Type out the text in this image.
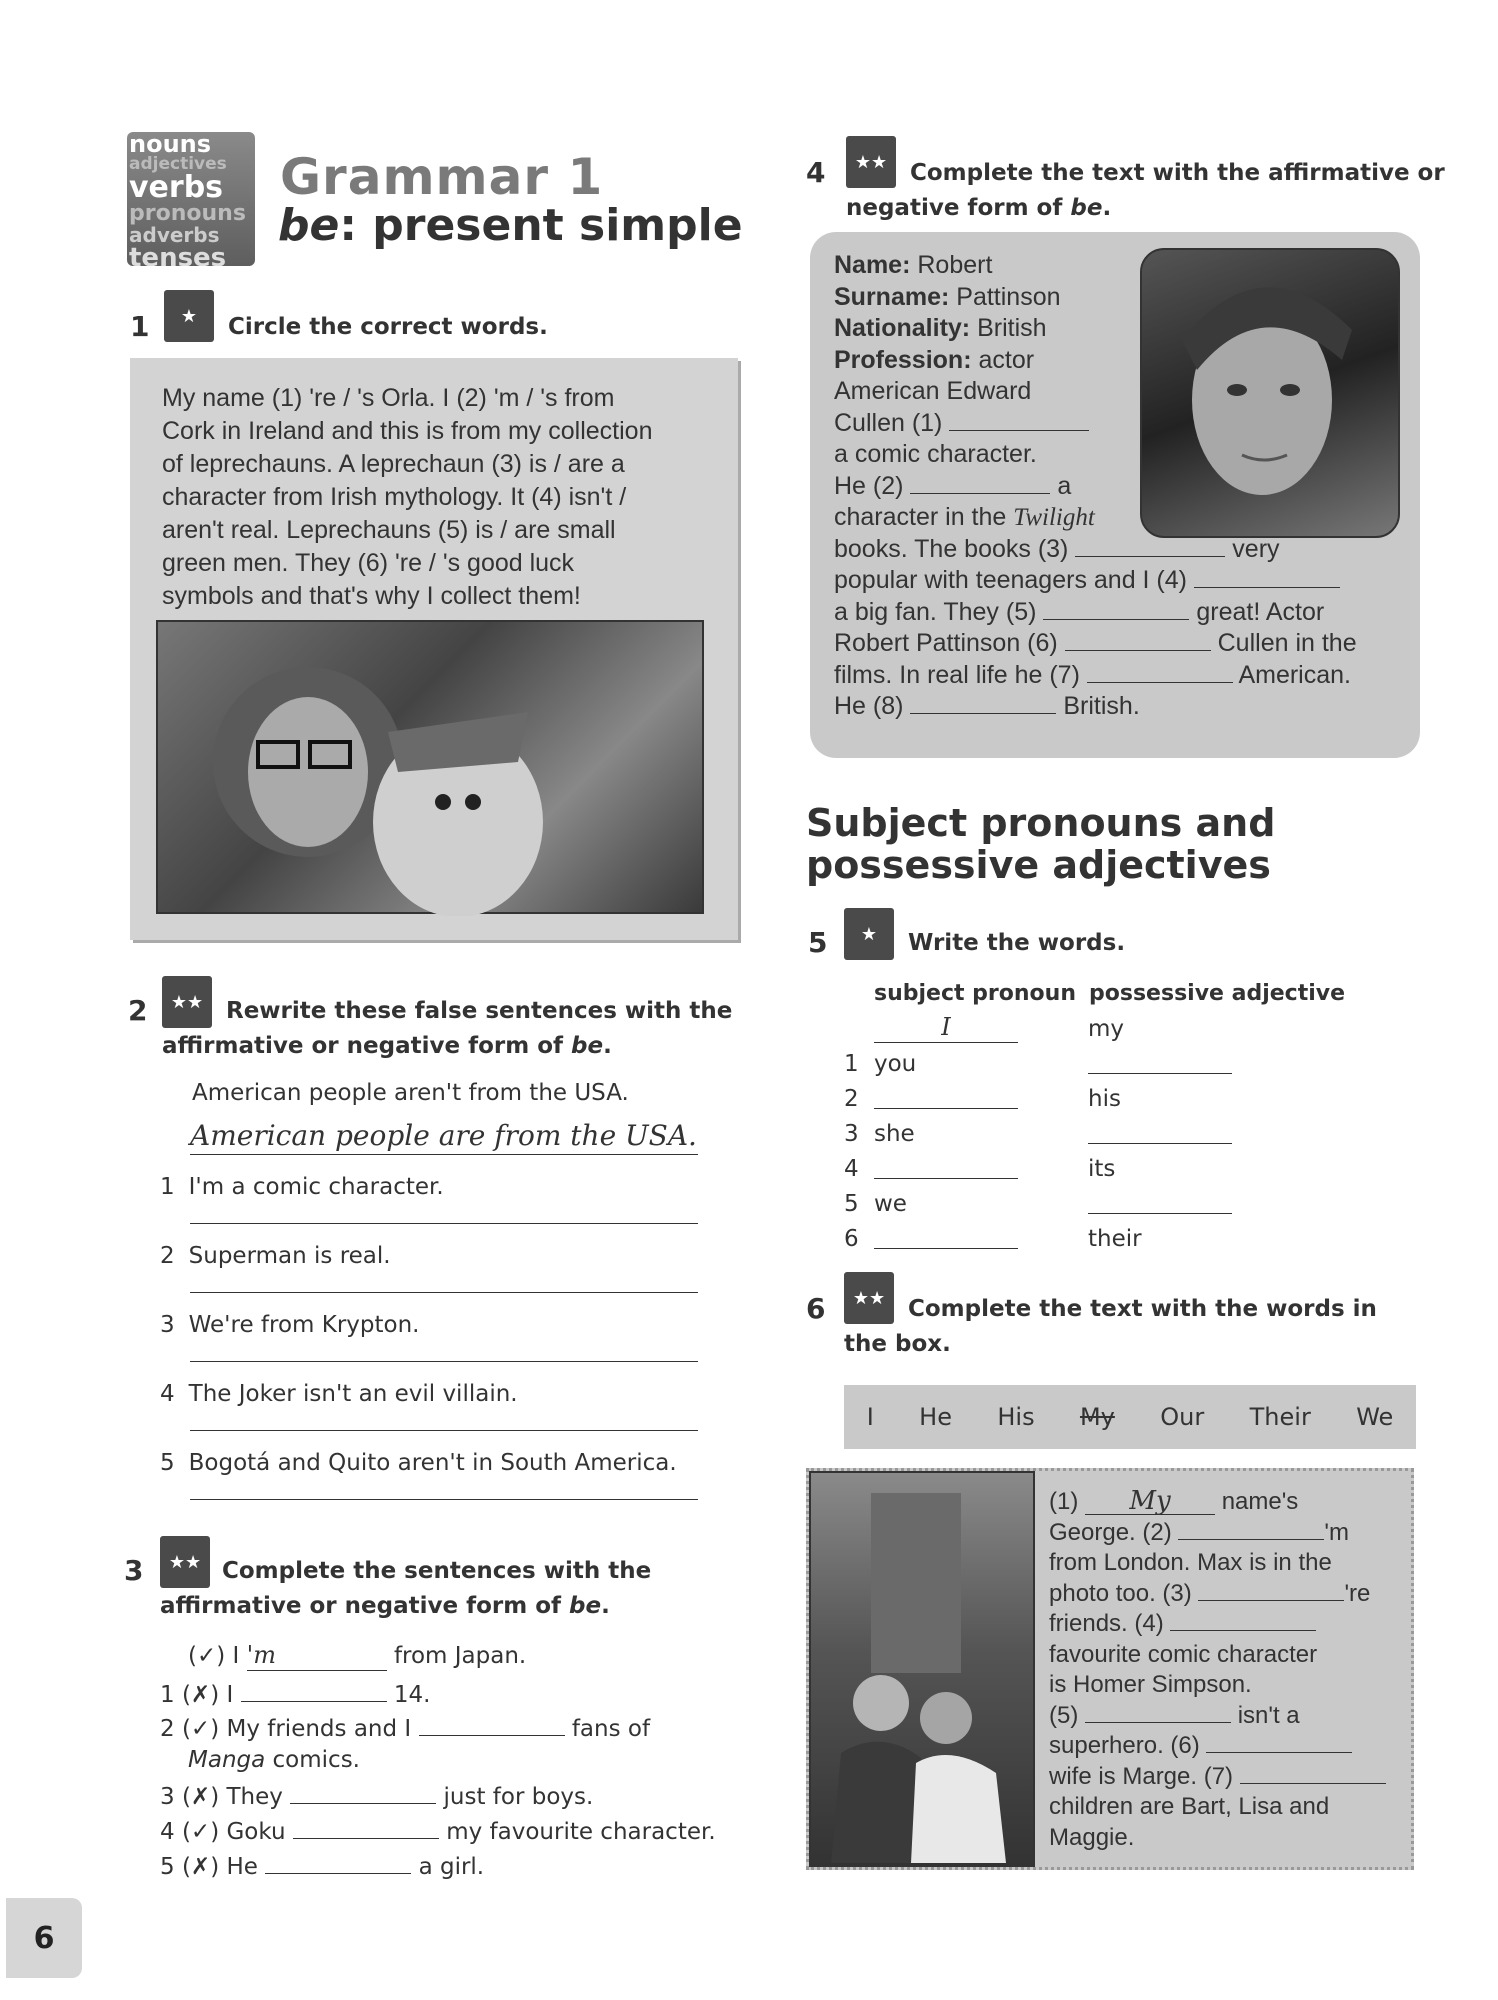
nouns
adjectives
verbs
pronouns
adverbs
tenses
Grammar 1
be: present simple
1	★	Circle the correct words.
My name (1) 're / 's Orla. I (2) 'm / 's from
Cork in Ireland and this is from my collection
of leprechauns. A leprechaun (3) is / are a
character from Irish mythology. It (4) isn't /
aren't real. Leprechauns (5) is / are small
green men. They (6) 're / 's good luck
symbols and that's why I collect them!
2	★★ Rewrite these false sentences with the
affirmative or negative form of be.
American people aren't from the USA.
American people are from the USA.
1 I'm a comic character.
2 Superman is real.
3 We're from Krypton.
4 The Joker isn't an evil villain.
5 Bogotá and Quito aren't in South America.
3	★★ Complete the sentences with the
affirmative or negative form of be.
(✓) I 'm	from Japan.
1 (✗) I	14.
2 (✓) My friends and I	fans of
Manga comics.
3 (✗) They	just for boys.
4 (✓) Goku	my favourite character.
5 (✗) He	a girl.
4	★★ Complete the text with the affirmative or
negative form of be.
Name: Robert
Surname: Pattinson
Nationality: British
Profession: actor
American Edward
Cullen (1)
a comic character.
He (2)	a
character in the Twilight
books. The books (3)	very
popular with teenagers and I (4)
a big fan. They (5)	great! Actor
Robert Pattinson (6)	Cullen in the
films. In real life he (7)	American.
He (8)	British.
Subject pronouns and
possessive adjectives
5	★	Write the words.
subject pronoun possessive adjective
I	my
1 you
2	his
3 she
4	its
5 we
6	their
6	★★ Complete the text with the words in
the box.
I He His My Our Their We
(1) My name's
George. (2)	'm
from London. Max is in the
photo too. (3)	're
friends. (4)
favourite comic character
is Homer Simpson.
(5)	isn't a
superhero. (6)
wife is Marge. (7)
children are Bart, Lisa and
Maggie.
6
